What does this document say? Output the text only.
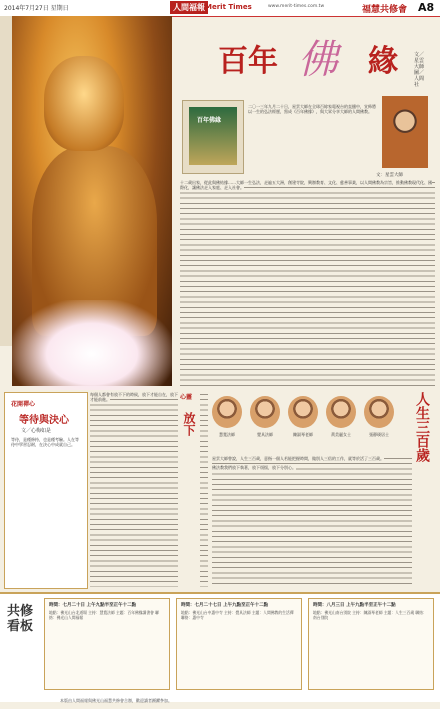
2014年7月27日 星期日	人間福報 Merit Times	www.merit-times.com.tw	福慧共修會 A8
百年 佛 緣	文／星雲大師 圖／人間社
百年佛緣
二〇一三年九月二十日，星雲大師在全球百餘家電視台的直播中，宣佈將以一生的弘法經歷，寫成《百年佛緣》，與大眾分享大師的人間佛教。
文：星雲大師
十二歲出家，從此與佛結緣……大師一生弘法，走遍五大洲，創建寺院，興辦教育、文化、慈善事業，以人間佛教為宗旨，推動佛教現代化、國際化，讓佛法走入家庭、走入社會。
花開禪心
等待與決心
文／心梅如是
等待，是種修持，也是種考驗。人在等待中學習忍耐，在決心中成就自己。
每個人都會有放不下的時候，放下才能自在，放下才能前進。	心靈
放下	慧寬法師	覺具法師	陳淑琴老師	黃美麗女士	張靜瑛居士	人生三百歲
星雲大師曾說，人生三百歲，意指一個人若能把握時間，做別人三倍的工作，就等於活了三百歲。
佛法教我們放下執著，放下煩惱，放下分別心。
共修看板
時間：七月二十日 上午九點半至正午十二點
地點：佛光山台北道場 主持：慧寬法師 主題：百年佛緣讀書會 聯絡：佛光山人間福報
時間：七月二十七日 上午九點至正午十二點
地點：佛光山台中惠中寺 主持：覺具法師 主題：人間佛教的生活禪 聯絡：惠中寺
時間：八月三日 上午九點半至正午十二點
地點：佛光山南台別院 主持：陳淑琴老師 主題：人生三百歲 聯絡：南台別院
本版由人間福報與佛光山福慧共修會合辦，歡迎讀者踴躍參加。
